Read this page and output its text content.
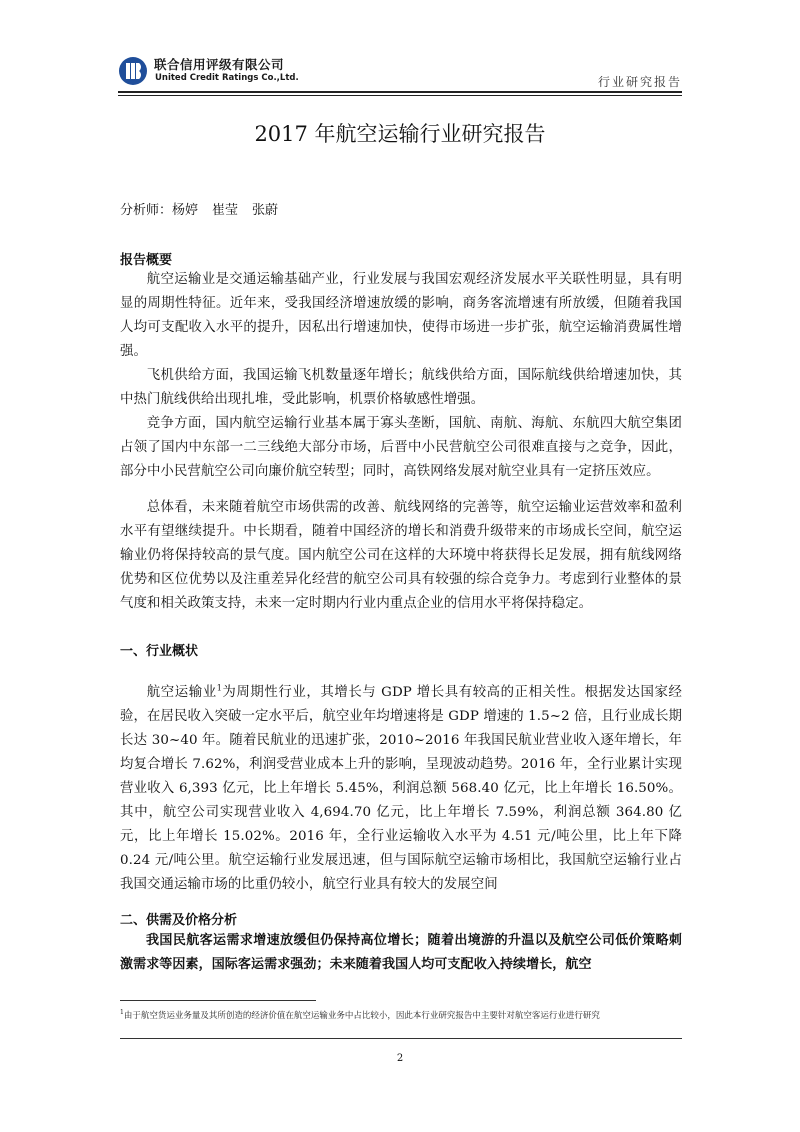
联合信用评级有限公司
United Credit Ratings Co.,Ltd.	行业研究报告
2017 年航空运输行业研究报告
分析师：杨婷 崔莹 张蔚
报告概要

航空运输业是交通运输基础产业，行业发展与我国宏观经济发展水平关联性明显，具有明显的周期性特征。近年来，受我国经济增速放缓的影响，商务客流增速有所放缓，但随着我国人均可支配收入水平的提升，因私出行增速加快，使得市场进一步扩张，航空运输消费属性增强。

飞机供给方面，我国运输飞机数量逐年增长；航线供给方面，国际航线供给增速加快，其中热门航线供给出现扎堆，受此影响，机票价格敏感性增强。

竞争方面，国内航空运输行业基本属于寡头垄断，国航、南航、海航、东航四大航空集团占领了国内中东部一二三线绝大部分市场，后晋中小民营航空公司很难直接与之竞争，因此，部分中小民营航空公司向廉价航空转型；同时，高铁网络发展对航空业具有一定挤压效应。

总体看，未来随着航空市场供需的改善、航线网络的完善等，航空运输业运营效率和盈利水平有望继续提升。中长期看，随着中国经济的增长和消费升级带来的市场成长空间，航空运输业仍将保持较高的景气度。国内航空公司在这样的大环境中将获得长足发展，拥有航线网络优势和区位优势以及注重差异化经营的航空公司具有较强的综合竞争力。考虑到行业整体的景气度和相关政策支持，未来一定时期内行业内重点企业的信用水平将保持稳定。

一、行业概状

航空运输业$^1$为周期性行业，其增长与 GDP 增长具有较高的正相关性。根据发达国家经验，在居民收入突破一定水平后，航空业年均增速将是 GDP 增速的 1.5~2 倍，且行业成长期长达 30~40 年。随着民航业的迅速扩张，2010~2016 年我国民航业营业收入逐年增长，年均复合增长 7.62%，利润受营业成本上升的影响，呈现波动趋势。2016 年，全行业累计实现营业收入 6,393 亿元，比上年增长 5.45%，利润总额 568.40 亿元，比上年增长 16.50%。其中，航空公司实现营业收入 4,694.70 亿元，比上年增长 7.59%，利润总额 364.80 亿元，比上年增长 15.02%。2016 年，全行业运输收入水平为 4.51 元/吨公里，比上年下降 0.24 元/吨公里。航空运输行业发展迅速，但与国际航空运输市场相比，我国航空运输行业占我国交通运输市场的比重仍较小，航空行业具有较大的发展空间

二、供需及价格分析

我国民航客运需求增速放缓但仍保持高位增长；随着出境游的升温以及航空公司低价策略刺激需求等因素，国际客运需求强劲；未来随着我国人均可支配收入持续增长，航空

$^1$由于航空货运业务量及其所创造的经济价值在航空运输业务中占比较小，因此本行业研究报告中主要针对航空客运行业进行研究

2
